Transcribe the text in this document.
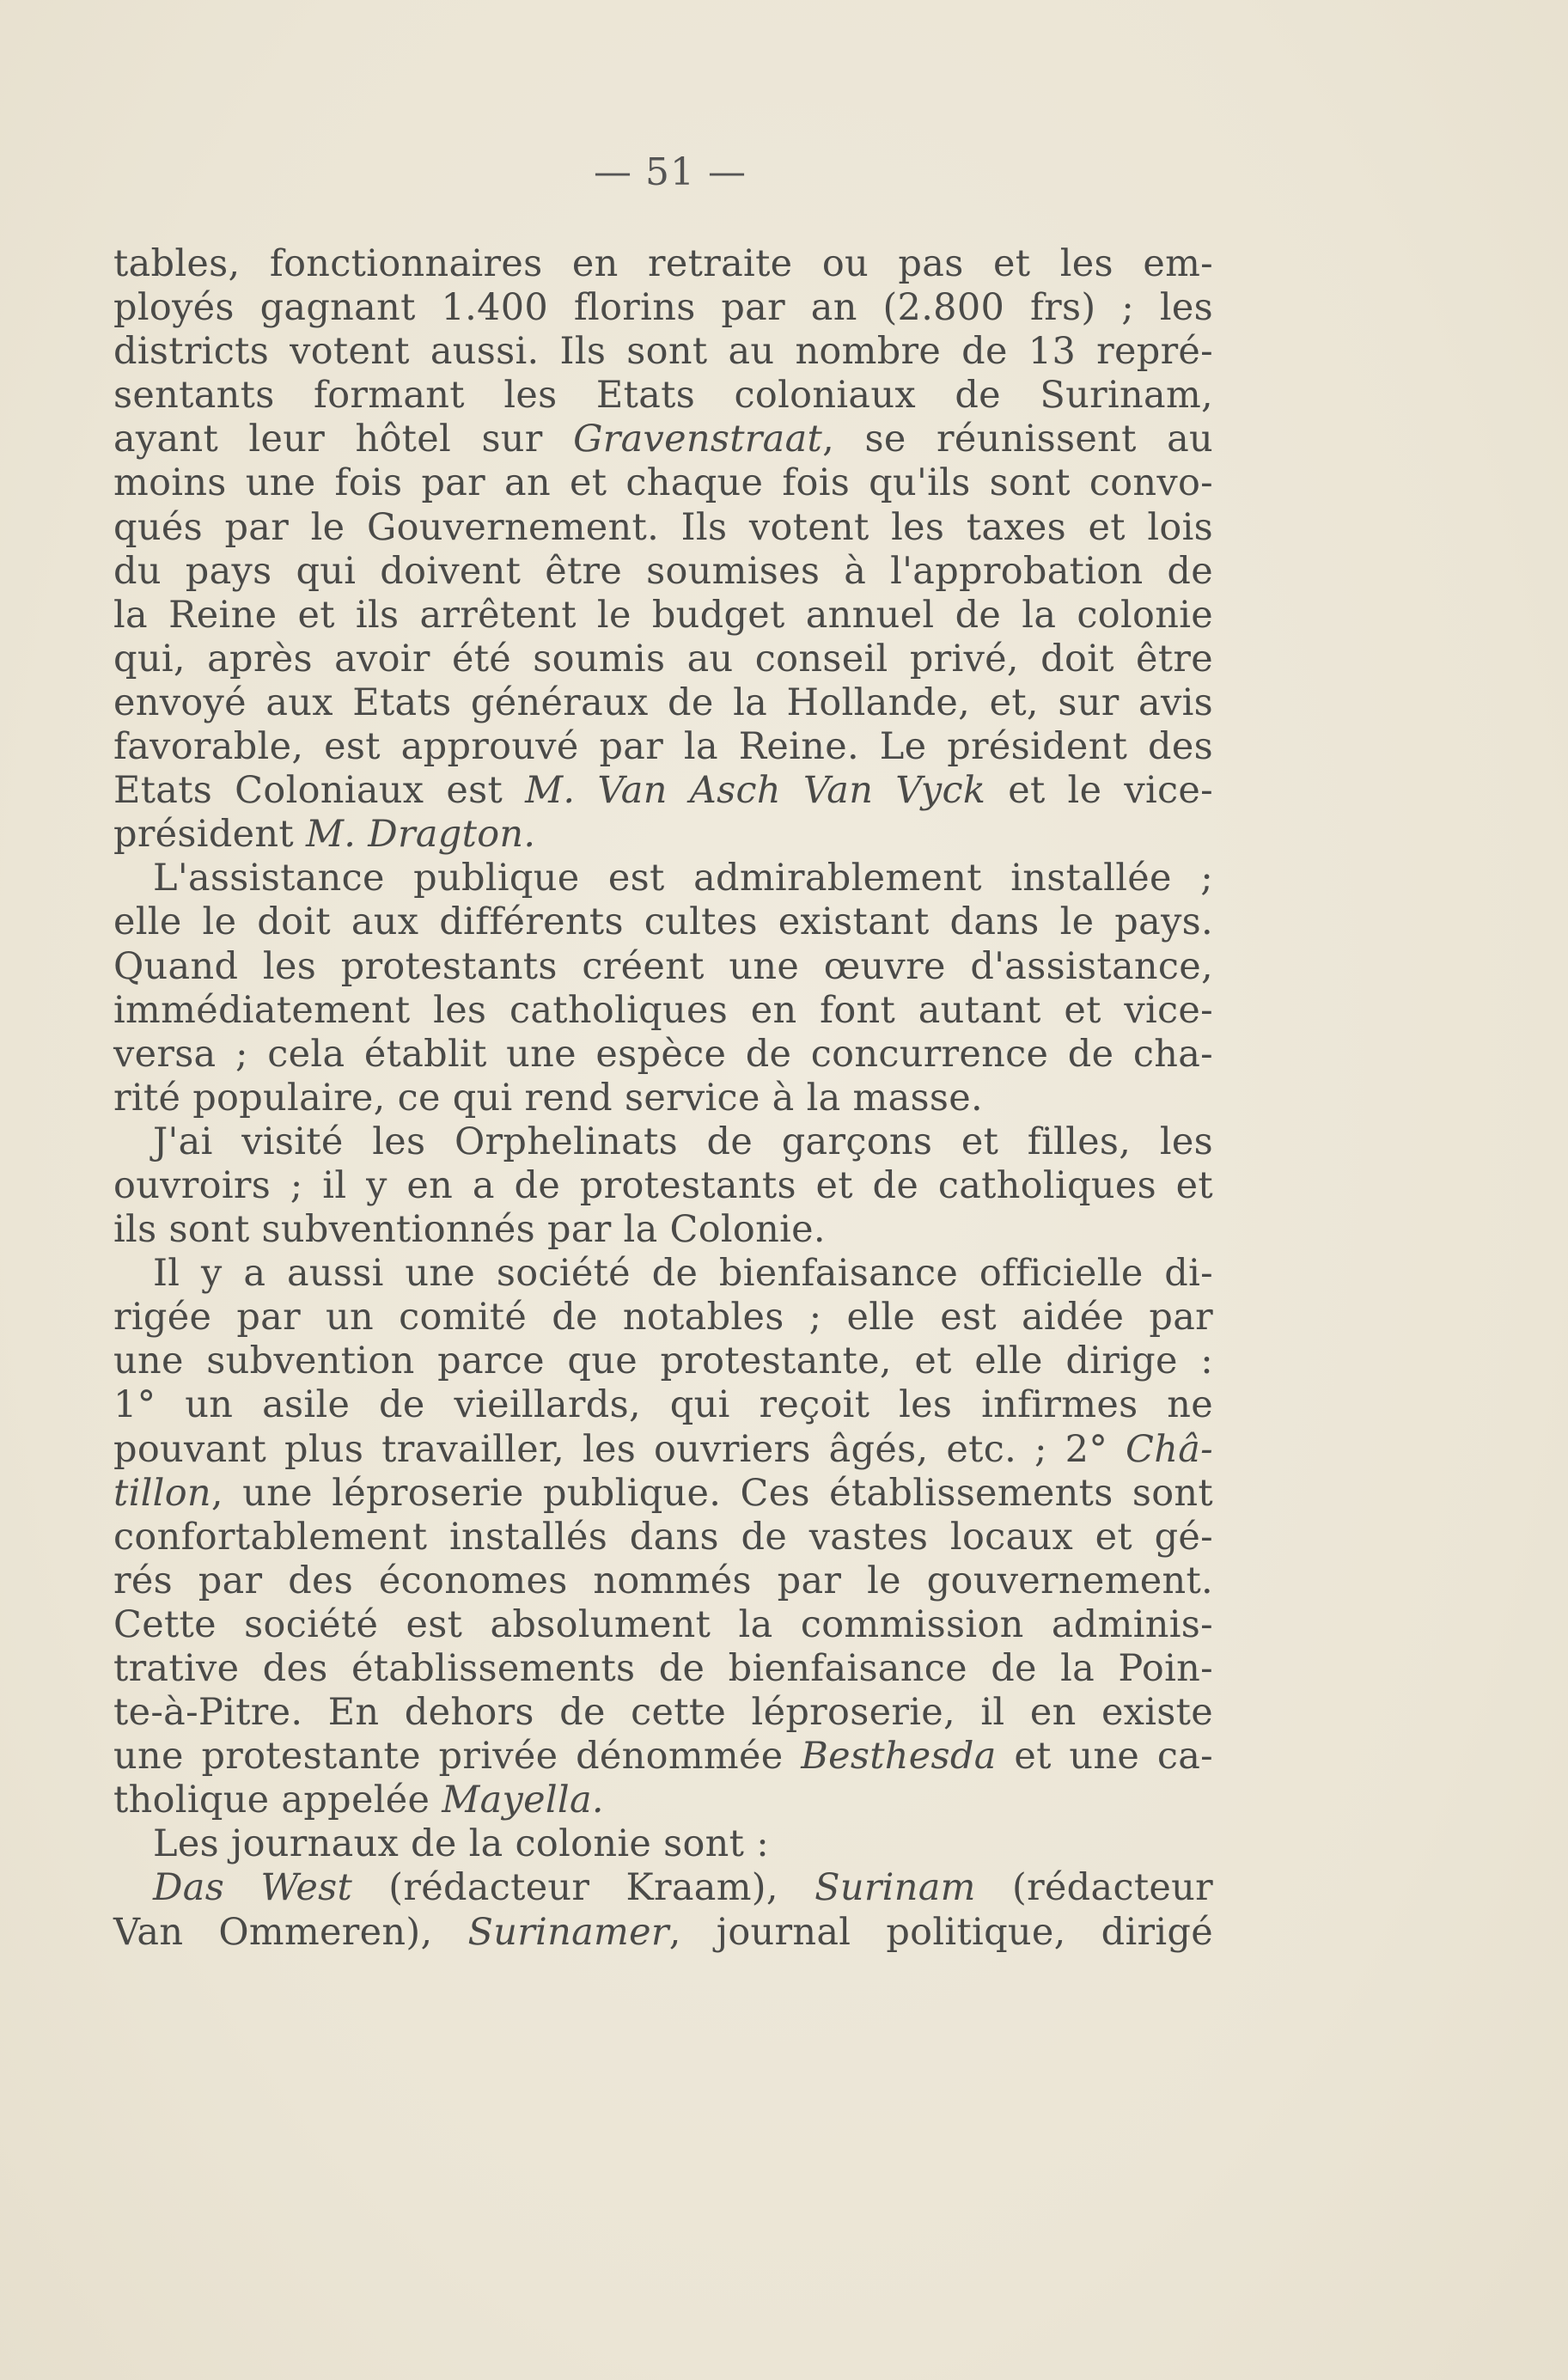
— 51 —
tables, fonctionnaires en retraite ou pas et les em-
ployés gagnant 1.400 florins par an (2.800 frs) ; les
districts votent aussi. Ils sont au nombre de 13 repré-
sentants formant les Etats coloniaux de Surinam,
ayant leur hôtel sur Gravenstraat, se réunissent au
moins une fois par an et chaque fois qu'ils sont convo-
qués par le Gouvernement. Ils votent les taxes et lois
du pays qui doivent être soumises à l'approbation de
la Reine et ils arrêtent le budget annuel de la colonie
qui, après avoir été soumis au conseil privé, doit être
envoyé aux Etats généraux de la Hollande, et, sur avis
favorable, est approuvé par la Reine. Le président des
Etats Coloniaux est M. Van Asch Van Vyck et le vice-
président M. Dragton.
L'assistance publique est admirablement installée ;
elle le doit aux différents cultes existant dans le pays.
Quand les protestants créent une œuvre d'assistance,
immédiatement les catholiques en font autant et vice-
versa ; cela établit une espèce de concurrence de cha-
rité populaire, ce qui rend service à la masse.
J'ai visité les Orphelinats de garçons et filles, les
ouvroirs ; il y en a de protestants et de catholiques et
ils sont subventionnés par la Colonie.
Il y a aussi une société de bienfaisance officielle di-
rigée par un comité de notables ; elle est aidée par
une subvention parce que protestante, et elle dirige :
1° un asile de vieillards, qui reçoit les infirmes ne
pouvant plus travailler, les ouvriers âgés, etc. ; 2° Châ-
tillon, une léproserie publique. Ces établissements sont
confortablement installés dans de vastes locaux et gé-
rés par des économes nommés par le gouvernement.
Cette société est absolument la commission adminis-
trative des établissements de bienfaisance de la Poin-
te-à-Pitre. En dehors de cette léproserie, il en existe
une protestante privée dénommée Besthesda et une ca-
tholique appelée Mayella.
Les journaux de la colonie sont :
Das West (rédacteur Kraam), Surinam (rédacteur
Van Ommeren), Surinamer, journal politique, dirigé
